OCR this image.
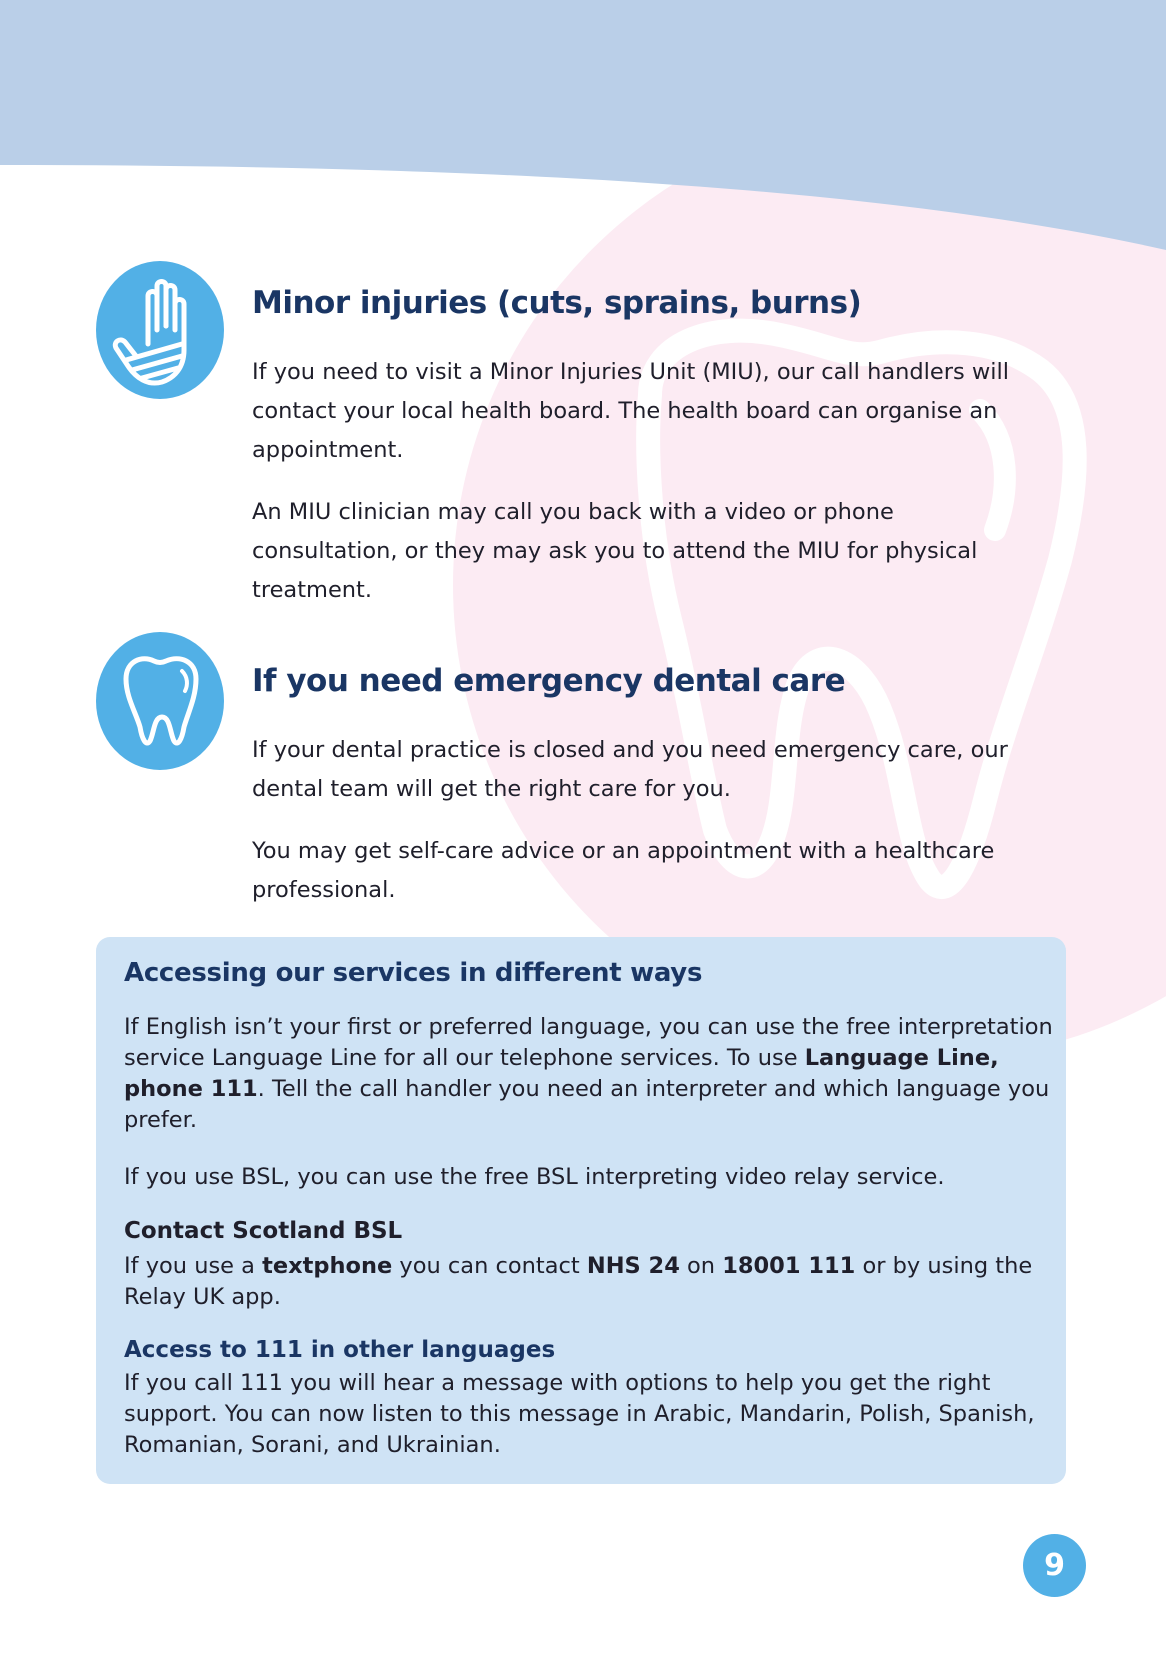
Minor injuries (cuts, sprains, burns)

If you need to visit a Minor Injuries Unit (MIU), our call handlers will contact your local health board. The health board can organise an appointment.

An MIU clinician may call you back with a video or phone consultation, or they may ask you to attend the MIU for physical treatment.

If you need emergency dental care

If your dental practice is closed and you need emergency care, our dental team will get the right care for you.

You may get self-care advice or an appointment with a healthcare professional.

Accessing our services in different ways

If English isn’t your first or preferred language, you can use the free interpretation service Language Line for all our telephone services. To use Language Line, phone 111. Tell the call handler you need an interpreter and which language you prefer.

If you use BSL, you can use the free BSL interpreting video relay service.

Contact Scotland BSL

If you use a textphone you can contact NHS 24 on 18001 111 or by using the Relay UK app.

Access to 111 in other languages

If you call 111 you will hear a message with options to help you get the right support. You can now listen to this message in Arabic, Mandarin, Polish, Spanish, Romanian, Sorani, and Ukrainian.

9
